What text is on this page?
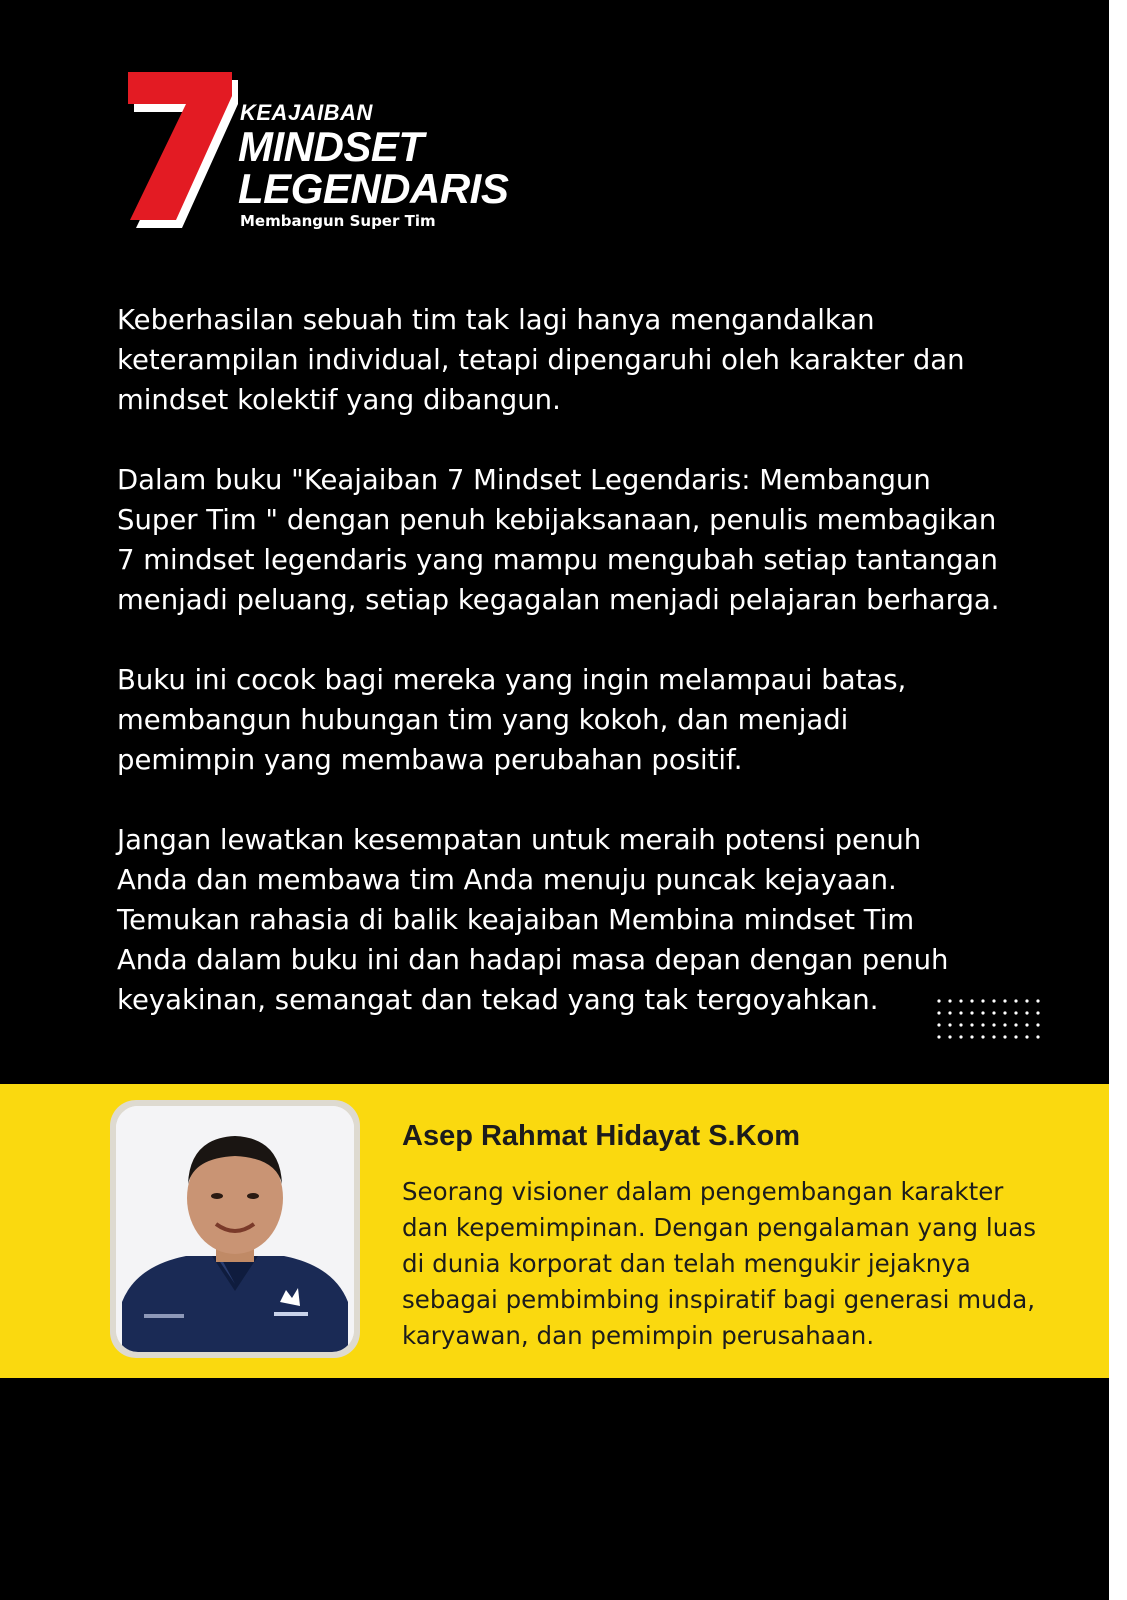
KEAJAIBAN
MINDSET
LEGENDARIS
Membangun Super Tim

Keberhasilan sebuah tim tak lagi hanya mengandalkan
keterampilan individual, tetapi dipengaruhi oleh karakter dan
mindset kolektif yang dibangun.

Dalam buku "Keajaiban 7 Mindset Legendaris: Membangun
Super Tim " dengan penuh kebijaksanaan, penulis membagikan
7 mindset legendaris yang mampu mengubah setiap tantangan
menjadi peluang, setiap kegagalan menjadi pelajaran berharga.

Buku ini cocok bagi mereka yang ingin melampaui batas,
membangun hubungan tim yang kokoh, dan menjadi
pemimpin yang membawa perubahan positif.

Jangan lewatkan kesempatan untuk meraih potensi penuh
Anda dan membawa tim Anda menuju puncak kejayaan.
Temukan rahasia di balik keajaiban Membina mindset Tim
Anda dalam buku ini dan hadapi masa depan dengan penuh
keyakinan, semangat dan tekad yang tak tergoyahkan.

Asep Rahmat Hidayat S.Kom
Seorang visioner dalam pengembangan karakter
dan kepemimpinan. Dengan pengalaman yang luas
di dunia korporat dan telah mengukir jejaknya
sebagai pembimbing inspiratif bagi generasi muda,
karyawan, dan pemimpin perusahaan.
